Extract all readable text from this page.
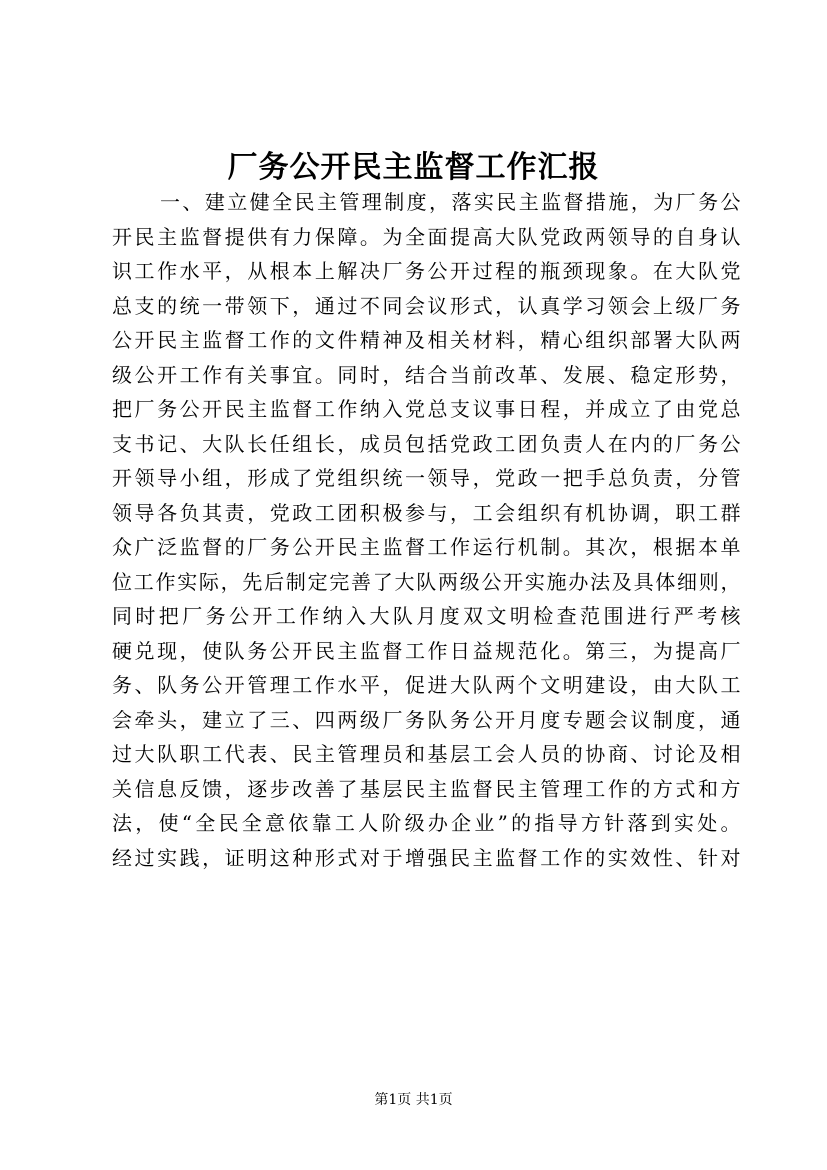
厂务公开民主监督工作汇报
一、建立健全民主管理制度，落实民主监督措施，为厂务公
开民主监督提供有力保障。为全面提高大队党政两领导的自身认
识工作水平，从根本上解决厂务公开过程的瓶颈现象。在大队党
总支的统一带领下，通过不同会议形式，认真学习领会上级厂务
公开民主监督工作的文件精神及相关材料，精心组织部署大队两
级公开工作有关事宜。同时，结合当前改革、发展、稳定形势，
把厂务公开民主监督工作纳入党总支议事日程，并成立了由党总
支书记、大队长任组长，成员包括党政工团负责人在内的厂务公
开领导小组，形成了党组织统一领导，党政一把手总负责，分管
领导各负其责，党政工团积极参与，工会组织有机协调，职工群
众广泛监督的厂务公开民主监督工作运行机制。其次，根据本单
位工作实际，先后制定完善了大队两级公开实施办法及具体细则，
同时把厂务公开工作纳入大队月度双文明检查范围进行严考核
硬兑现，使队务公开民主监督工作日益规范化。第三，为提高厂
务、队务公开管理工作水平，促进大队两个文明建设，由大队工
会牵头，建立了三、四两级厂务队务公开月度专题会议制度，通
过大队职工代表、民主管理员和基层工会人员的协商、讨论及相
关信息反馈，逐步改善了基层民主监督民主管理工作的方式和方
法，使“全民全意依靠工人阶级办企业”的指导方针落到实处。
经过实践，证明这种形式对于增强民主监督工作的实效性、针对
第1页 共1页
